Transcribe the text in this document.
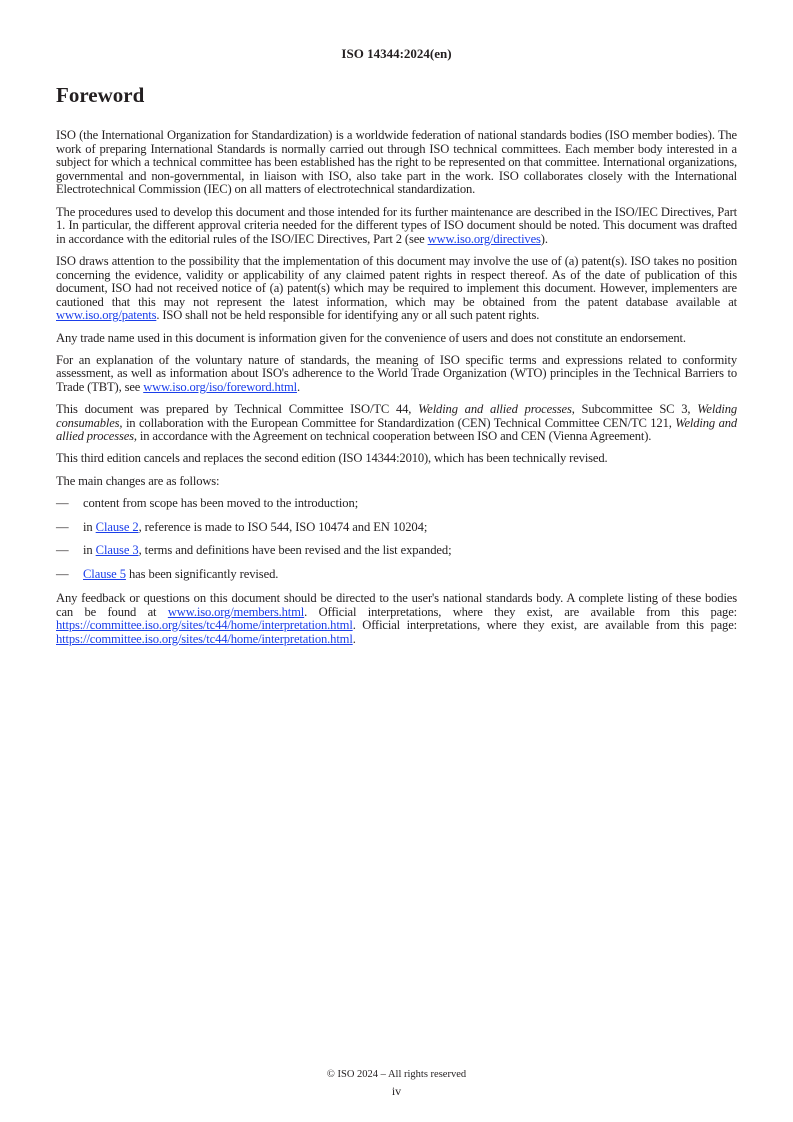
ISO 14344:2024(en)
Foreword

ISO (the International Organization for Standardization) is a worldwide federation of national standards bodies (ISO member bodies). The work of preparing International Standards is normally carried out through ISO technical committees. Each member body interested in a subject for which a technical committee has been established has the right to be represented on that committee. International organizations, governmental and non-governmental, in liaison with ISO, also take part in the work. ISO collaborates closely with the International Electrotechnical Commission (IEC) on all matters of electrotechnical standardization.

The procedures used to develop this document and those intended for its further maintenance are described in the ISO/IEC Directives, Part 1. In particular, the different approval criteria needed for the different types of ISO document should be noted. This document was drafted in accordance with the editorial rules of the ISO/IEC Directives, Part 2 (see www.iso.org/directives).

ISO draws attention to the possibility that the implementation of this document may involve the use of (a) patent(s). ISO takes no position concerning the evidence, validity or applicability of any claimed patent rights in respect thereof. As of the date of publication of this document, ISO had not received notice of (a) patent(s) which may be required to implement this document. However, implementers are cautioned that this may not represent the latest information, which may be obtained from the patent database available at www.iso.org/patents. ISO shall not be held responsible for identifying any or all such patent rights.

Any trade name used in this document is information given for the convenience of users and does not constitute an endorsement.

For an explanation of the voluntary nature of standards, the meaning of ISO specific terms and expressions related to conformity assessment, as well as information about ISO's adherence to the World Trade Organization (WTO) principles in the Technical Barriers to Trade (TBT), see www.iso.org/iso/foreword.html.

This document was prepared by Technical Committee ISO/TC 44, Welding and allied processes, Subcommittee SC 3, Welding consumables, in collaboration with the European Committee for Standardization (CEN) Technical Committee CEN/TC 121, Welding and allied processes, in accordance with the Agreement on technical cooperation between ISO and CEN (Vienna Agreement).

This third edition cancels and replaces the second edition (ISO 14344:2010), which has been technically revised.

The main changes are as follows:

— content from scope has been moved to the introduction;
— in Clause 2, reference is made to ISO 544, ISO 10474 and EN 10204;
— in Clause 3, terms and definitions have been revised and the list expanded;
— Clause 5 has been significantly revised.

Any feedback or questions on this document should be directed to the user's national standards body. A complete listing of these bodies can be found at www.iso.org/members.html. Official interpretations, where they exist, are available from this page: https://committee.iso.org/sites/tc44/home/interpretation.html. Official interpretations, where they exist, are available from this page: https://committee.iso.org/sites/tc44/home/interpretation.html.

© ISO 2024 – All rights reserved
iv
